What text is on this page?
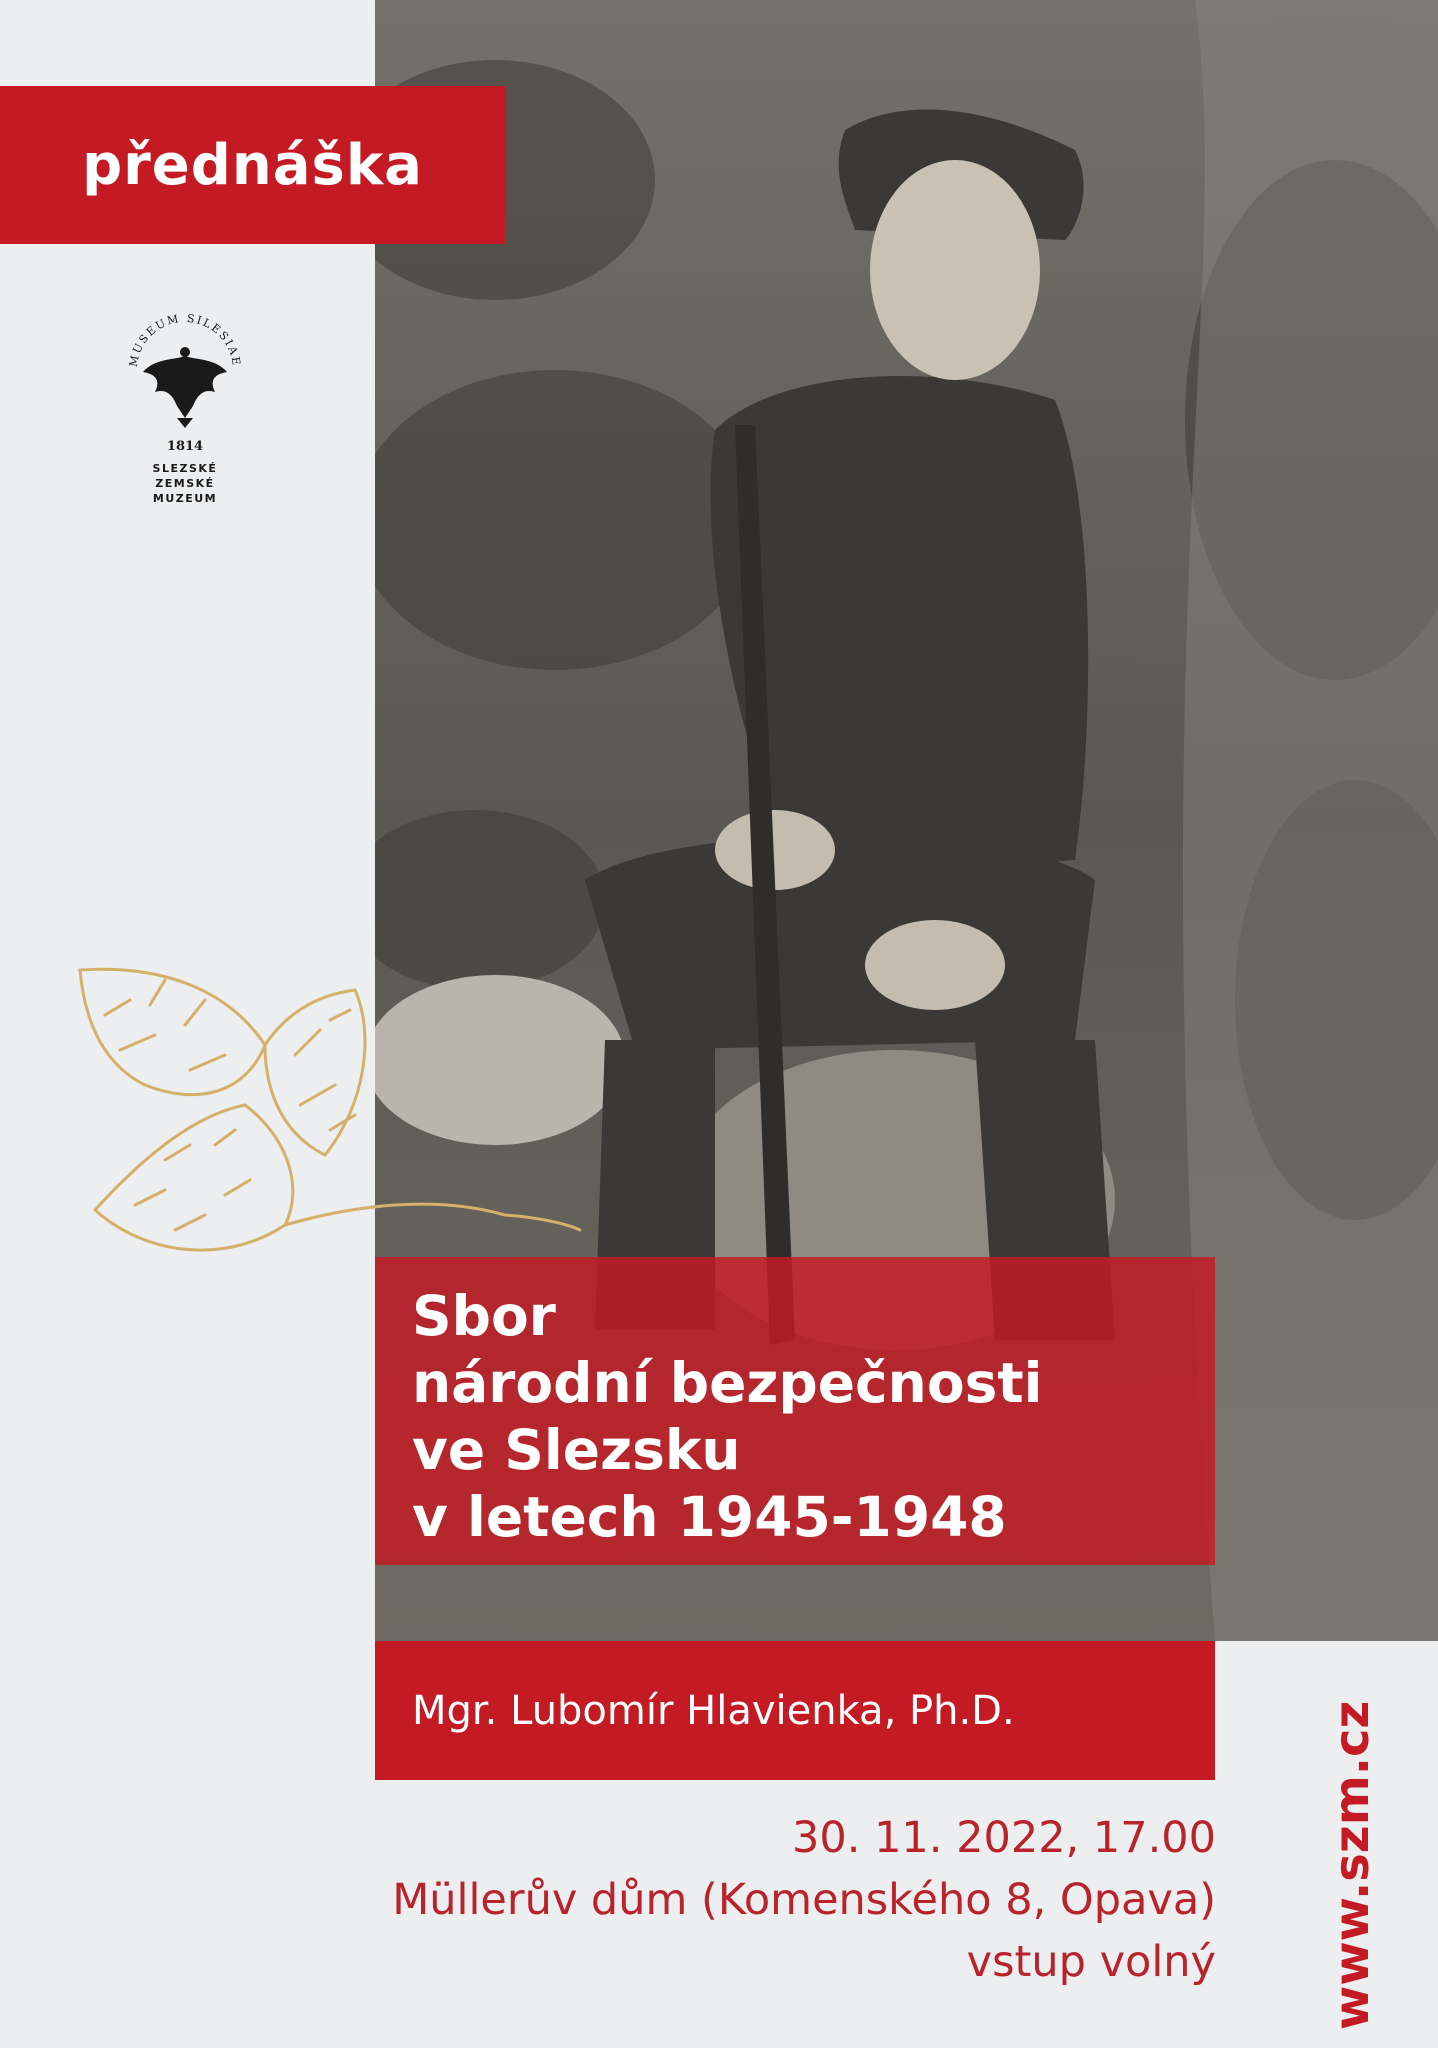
přednáška
MUSEUM SILESIAE
1814
SLEZSKÉ
ZEMSKÉ
MUZEUM
Sbor
národní bezpečnosti
ve Slezsku
v letech 1945-1948
Mgr. Lubomír Hlavienka, Ph.D.
30. 11. 2022, 17.00
Müllerův dům (Komenského 8, Opava)
vstup volný www.szm.cz
